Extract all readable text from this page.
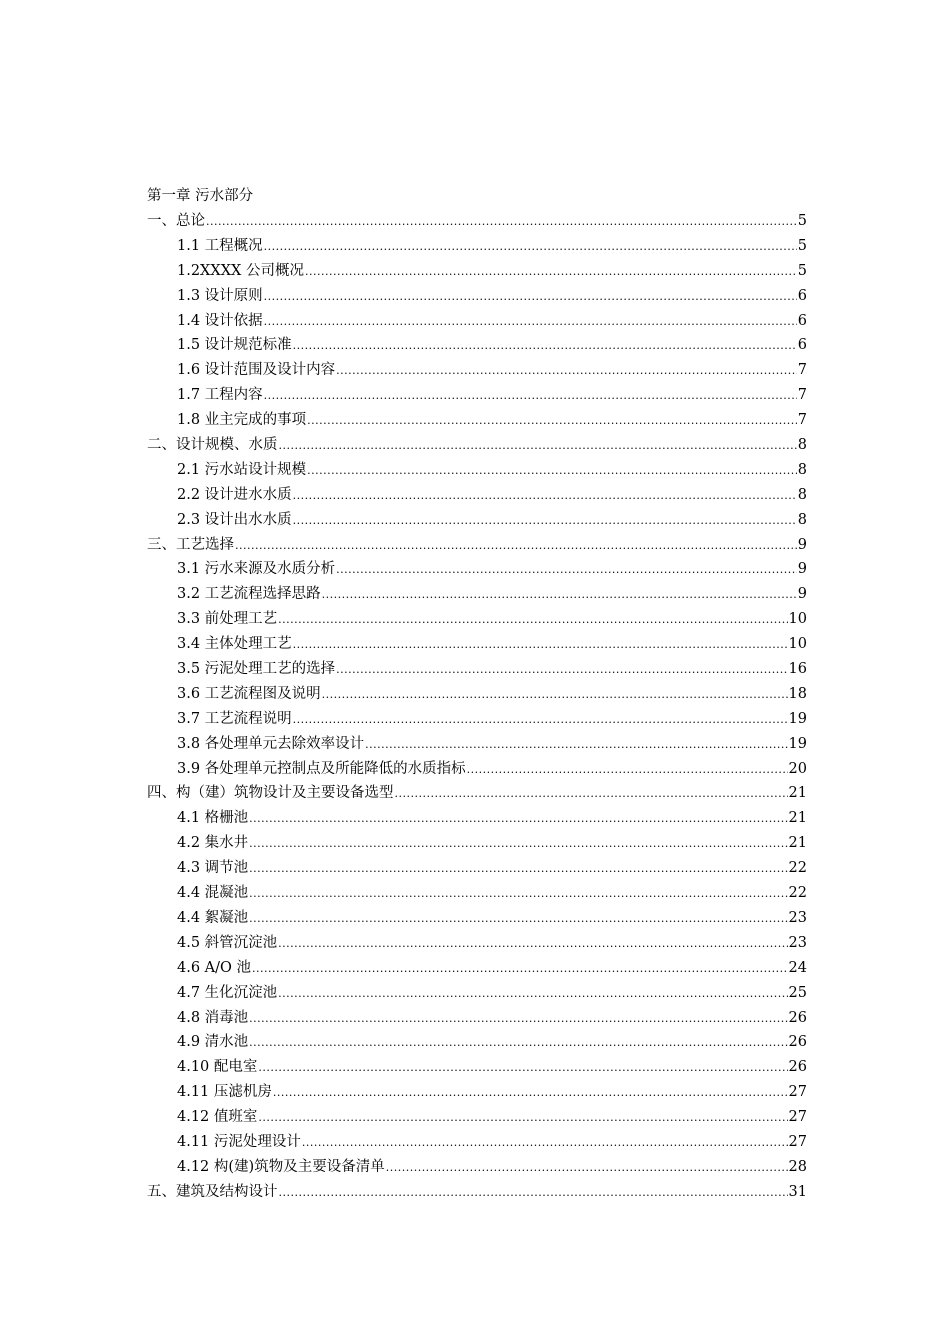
第一章 污水部分
一、总论 .....	5
1.1 工程概况 .....	5
1.2XXXX 公司概况 .....	5
1.3 设计原则 .....	6
1.4 设计依据 .....	6
1.5 设计规范标准 .....	6
1.6 设计范围及设计内容 .....	7
1.7 工程内容 .....	7
1.8 业主完成的事项 .....	7
二、设计规模、水质 .....	8
2.1 污水站设计规模 .....	8
2.2 设计进水水质 .....	8
2.3 设计出水水质 .....	8
三、工艺选择 .....	9
3.1 污水来源及水质分析 .....	9
3.2 工艺流程选择思路 .....	9
3.3 前处理工艺 .....	10
3.4 主体处理工艺 .....	10
3.5 污泥处理工艺的选择 .....	16
3.6 工艺流程图及说明 .....	18
3.7 工艺流程说明 .....	19
3.8 各处理单元去除效率设计 .....	19
3.9 各处理单元控制点及所能降低的水质指标 .....	20
四、构（建）筑物设计及主要设备选型 .....	21
4.1 格栅池 .....	21
4.2 集水井 .....	21
4.3 调节池 .....	22
4.4 混凝池 .....	22
4.4 絮凝池 .....	23
4.5 斜管沉淀池 .....	23
4.6 A/O 池 .....	24
4.7 生化沉淀池 .....	25
4.8 消毒池 .....	26
4.9 清水池 .....	26
4.10 配电室 .....	26
4.11 压滤机房 .....	27
4.12 值班室 .....	27
4.11 污泥处理设计 .....	27
4.12 构(建)筑物及主要设备清单 .....	28
五、建筑及结构设计 .....	31
